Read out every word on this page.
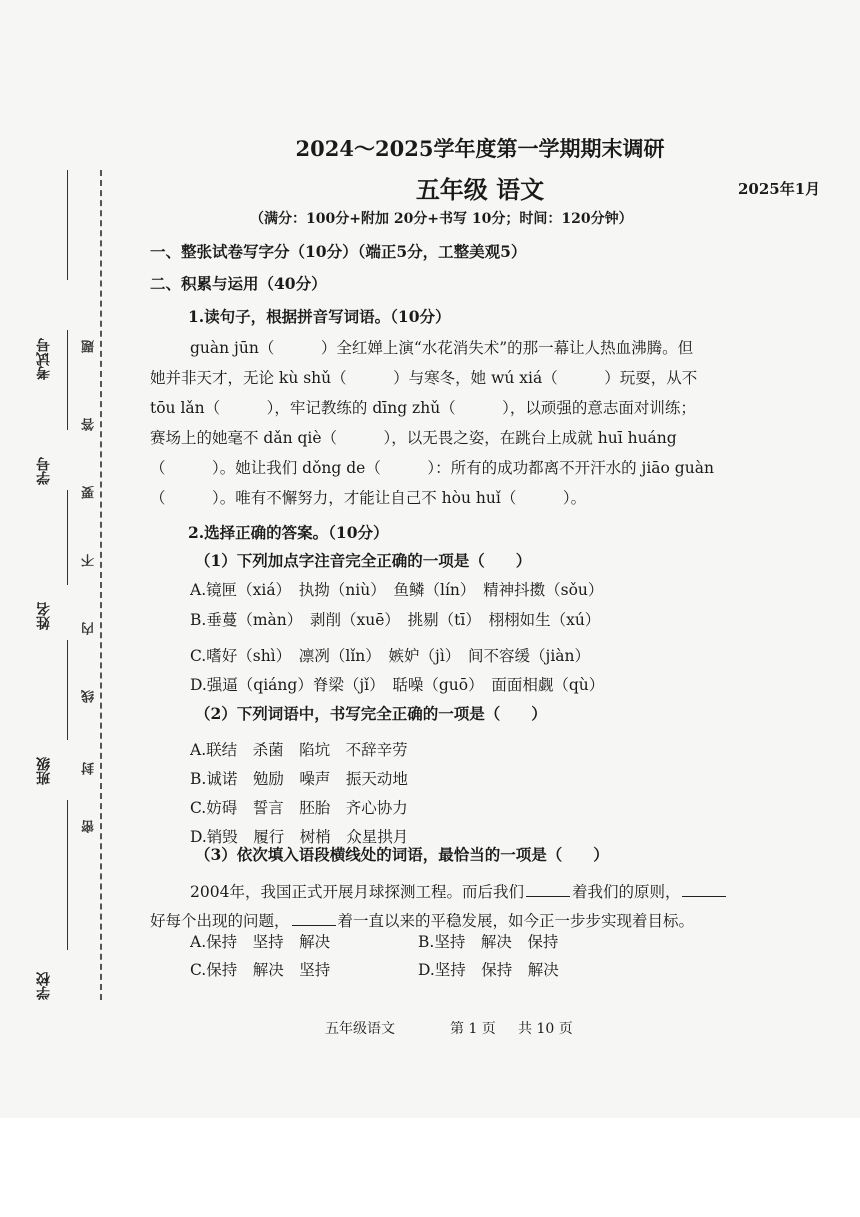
考试号
学号
姓名
班级
学校
密
封
线
内
不
要
答
题
2024～2025学年度第一学期期末调研
五年级 语文	2025年1月
（满分：100分+附加 20分+书写 10分；时间：120分钟）
一、整张试卷写字分（10分）（端正5分，工整美观5）
二、积累与运用（40分）
1.读句子，根据拼音写词语。（10分）
guàn jūn（　　　）全红婵上演“水花消失术”的那一幕让人热血沸腾。但
她并非天才，无论 kù shǔ（　　　）与寒冬，她 wú xiá（　　　）玩耍，从不
tōu lǎn（　　　），牢记教练的 dīng zhǔ（　　　），以顽强的意志面对训练；
赛场上的她毫不 dǎn qiè（　　　），以无畏之姿，在跳台上成就 huī huáng
（　　　）。她让我们 dǒng de（　　　）：所有的成功都离不开汗水的 jiāo guàn
（　　　）。唯有不懈努力，才能让自己不 hòu huǐ（　　　）。
2.选择正确的答案。（10分）
（1）下列加点字注音完全正确的一项是（　　）
A.镜匣（xiá）　执拗（niù）　鱼鳞（lín）　精神抖擞（sǒu）
B.垂蔓（màn）　剥削（xuē）　挑剔（tī）　栩栩如生（xú）
C.嗜好（shì）　凛冽（lǐn）　嫉妒（jì）　间不容缓（jiàn）
D.强逼（qiáng）脊梁（jǐ）　聒噪（guō）　面面相觑（qù）
（2）下列词语中，书写完全正确的一项是（　　）
A.联结　杀菌　陷坑　不辞辛劳
B.诚诺　勉励　噪声　振天动地
C.妨碍　誓言　胚胎　齐心协力
D.销毁　履行　树梢　众星拱月
（3）依次填入语段横线处的词语，最恰当的一项是（　　）
2004年，我国正式开展月球探测工程。而后我们	着我们的原则，
好每个出现的问题，	着一直以来的平稳发展，如今正一步步实现着目标。
A.保持　坚持　解决	B.坚持　解决　保持
C.保持　解决　坚持	D.坚持　保持　解决
五年级语文	第 1 页 共 10 页
